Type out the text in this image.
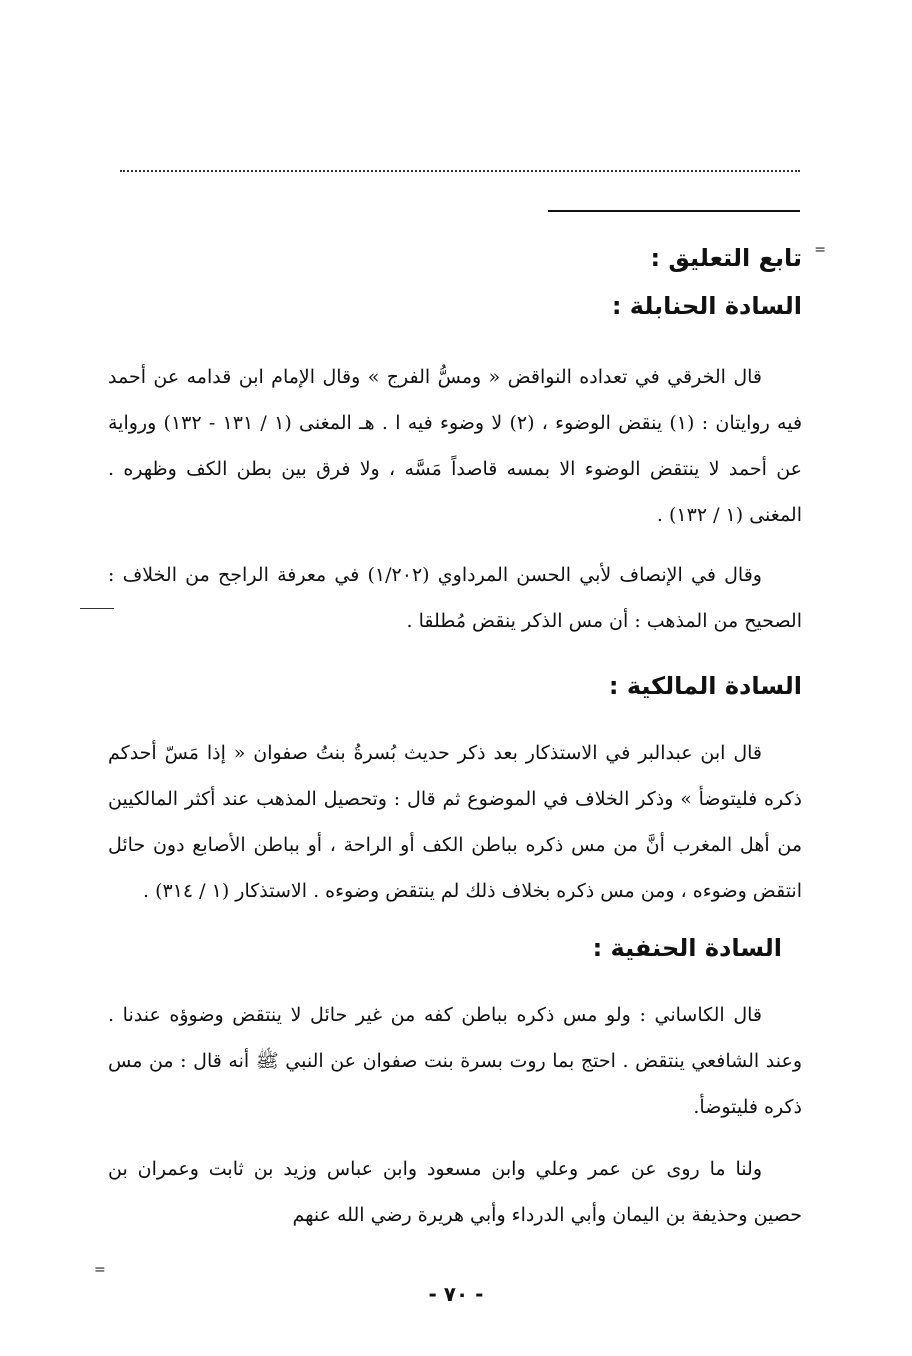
=
=
تابع التعليق :
السادة الحنابلة :

قال الخرقي في تعداده النواقض « ومسُّ الفرج » وقال الإمام ابن قدامه عن أحمد فيه روايتان : (١) ينقض الوضوء ، (٢) لا وضوء فيه ا . هـ المغنى (١ / ١٣١ - ١٣٢) ورواية عن أحمد لا ينتقض الوضوء الا بمسه قاصداً مَسَّه ، ولا فرق بين بطن الكف وظهره . المغنى (١ / ١٣٢) .

وقال في الإنصاف لأبي الحسن المرداوي (١/٢٠٢) في معرفة الراجح من الخلاف : الصحيح من المذهب : أن مس الذكر ينقض مُطلقا .

السادة المالكية :

قال ابن عبدالبر في الاستذكار بعد ذكر حديث بُسرةُ بنتُ صفوان « إذا مَسّ أحدكم ذكره فليتوضأ » وذكر الخلاف في الموضوع ثم قال : وتحصيل المذهب عند أكثر المالكيين من أهل المغرب أنَّ من مس ذكره بباطن الكف أو الراحة ، أو بباطن الأصابع دون حائل انتقض وضوءه ، ومن مس ذكره بخلاف ذلك لم ينتقض وضوءه . الاستذكار (١ / ٣١٤) .

السادة الحنفية :

قال الكاساني : ولو مس ذكره بباطن كفه من غير حائل لا ينتقض وضوؤه عندنا . وعند الشافعي ينتقض . احتج بما روت بسرة بنت صفوان عن النبي ﷺ أنه قال : من مس ذكره فليتوضأ.

ولنا ما روى عن عمر وعلي وابن مسعود وابن عباس وزيد بن ثابت وعمران بن حصين وحذيفة بن اليمان وأبي الدرداء وأبي هريرة رضي الله عنهم

- ٧٠ -
